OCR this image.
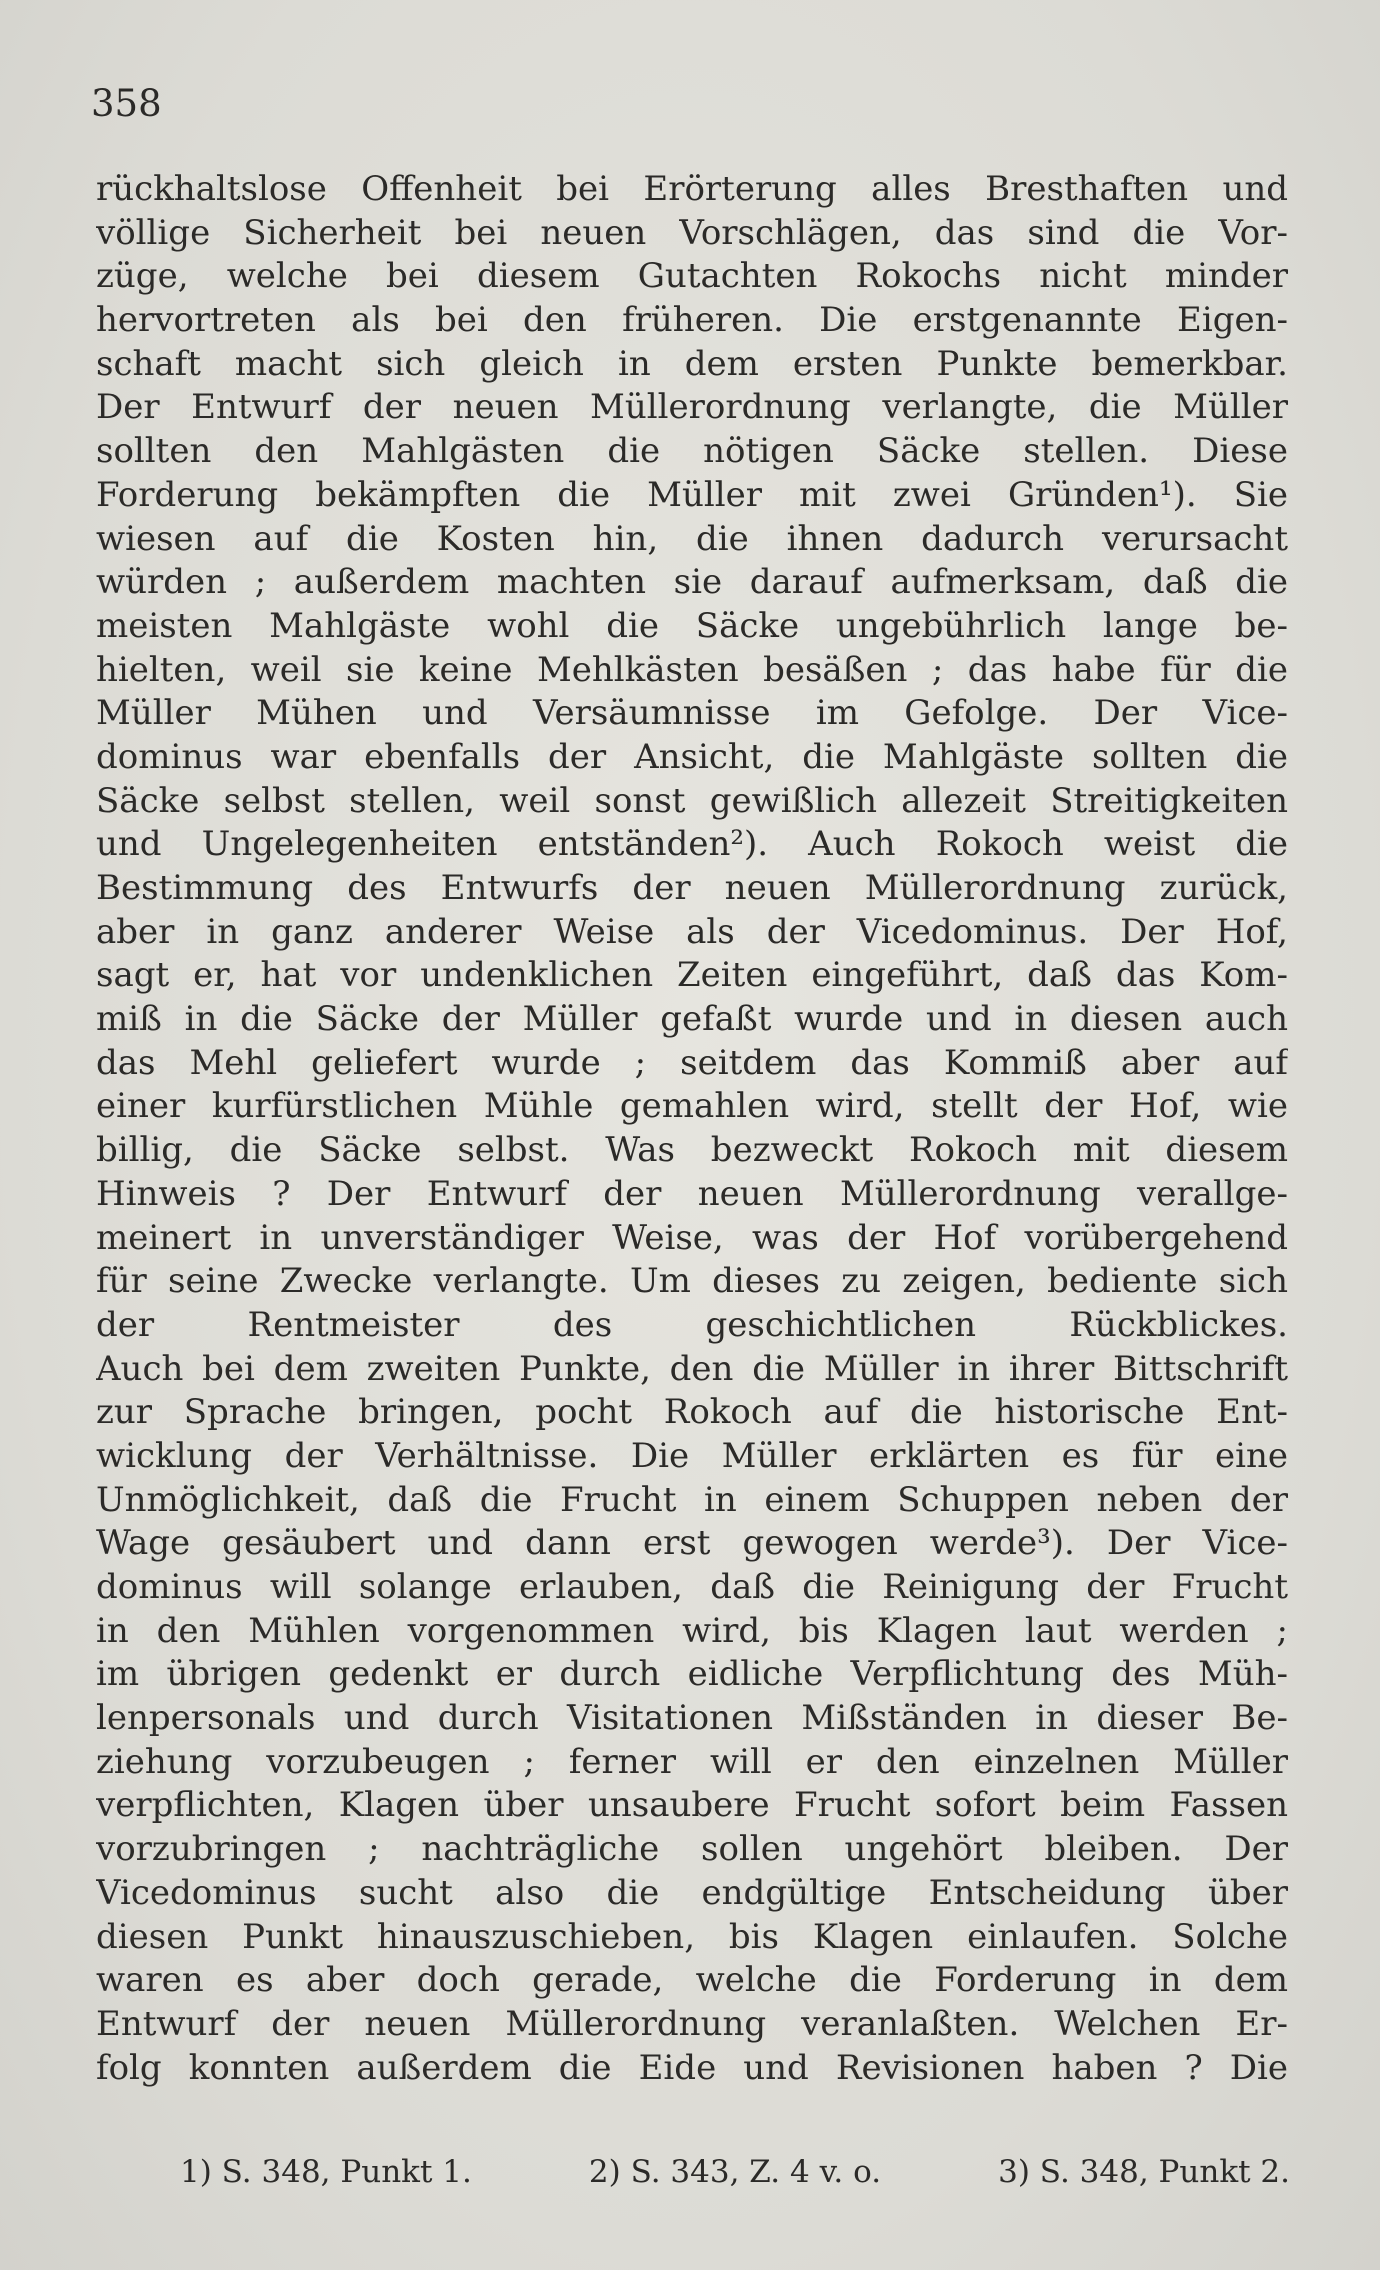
358
rückhaltslose Offenheit bei Erörterung alles Bresthaften und
völlige Sicherheit bei neuen Vorschlägen, das sind die Vor-
züge, welche bei diesem Gutachten Rokochs nicht minder
hervortreten als bei den früheren. Die erstgenannte Eigen-
schaft macht sich gleich in dem ersten Punkte bemerkbar.
Der Entwurf der neuen Müllerordnung verlangte, die Müller
sollten den Mahlgästen die nötigen Säcke stellen. Diese
Forderung bekämpften die Müller mit zwei Gründen¹). Sie
wiesen auf die Kosten hin, die ihnen dadurch verursacht
würden ; außerdem machten sie darauf aufmerksam, daß die
meisten Mahlgäste wohl die Säcke ungebührlich lange be-
hielten, weil sie keine Mehlkästen besäßen ; das habe für die
Müller Mühen und Versäumnisse im Gefolge. Der Vice-
dominus war ebenfalls der Ansicht, die Mahlgäste sollten die
Säcke selbst stellen, weil sonst gewißlich allezeit Streitigkeiten
und Ungelegenheiten entständen²). Auch Rokoch weist die
Bestimmung des Entwurfs der neuen Müllerordnung zurück,
aber in ganz anderer Weise als der Vicedominus. Der Hof,
sagt er, hat vor undenklichen Zeiten eingeführt, daß das Kom-
miß in die Säcke der Müller gefaßt wurde und in diesen auch
das Mehl geliefert wurde ; seitdem das Kommiß aber auf
einer kurfürstlichen Mühle gemahlen wird, stellt der Hof, wie
billig, die Säcke selbst. Was bezweckt Rokoch mit diesem
Hinweis ? Der Entwurf der neuen Müllerordnung verallge-
meinert in unverständiger Weise, was der Hof vorübergehend
für seine Zwecke verlangte. Um dieses zu zeigen, bediente sich
der Rentmeister des geschichtlichen Rückblickes.
Auch bei dem zweiten Punkte, den die Müller in ihrer Bittschrift
zur Sprache bringen, pocht Rokoch auf die historische Ent-
wicklung der Verhältnisse. Die Müller erklärten es für eine
Unmöglichkeit, daß die Frucht in einem Schuppen neben der
Wage gesäubert und dann erst gewogen werde³). Der Vice-
dominus will solange erlauben, daß die Reinigung der Frucht
in den Mühlen vorgenommen wird, bis Klagen laut werden ;
im übrigen gedenkt er durch eidliche Verpflichtung des Müh-
lenpersonals und durch Visitationen Mißständen in dieser Be-
ziehung vorzubeugen ; ferner will er den einzelnen Müller
verpflichten, Klagen über unsaubere Frucht sofort beim Fassen
vorzubringen ; nachträgliche sollen ungehört bleiben. Der
Vicedominus sucht also die endgültige Entscheidung über
diesen Punkt hinauszuschieben, bis Klagen einlaufen. Solche
waren es aber doch gerade, welche die Forderung in dem
Entwurf der neuen Müllerordnung veranlaßten. Welchen Er-
folg konnten außerdem die Eide und Revisionen haben ? Die
1) S. 348, Punkt 1.	2) S. 343, Z. 4 v. o.	3) S. 348, Punkt 2.
